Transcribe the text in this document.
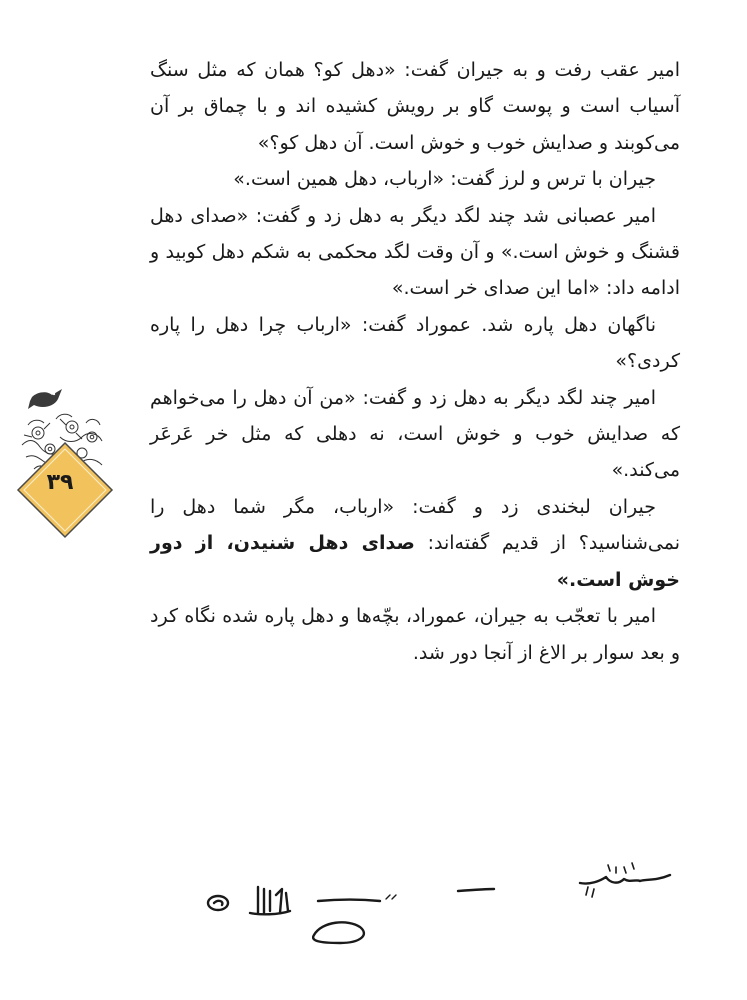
امیر عقب رفت و به جیران گفت: «دهل کو؟ همان که مثل سنگ آسیاب است و پوست گاو بر رویش کشیده اند و با چماق بر آن می‌کوبند و صدایش خوب و خوش است. آن دهل کو؟»

جیران با ترس و لرز گفت: «ارباب، دهل همین است.»

امیر عصبانی شد چند لگد دیگر به دهل زد و گفت: «صدای دهل قشنگ و خوش است.» و آن وقت لگد محکمی به شکم دهل کوبید و ادامه داد: «اما این صدای خر است.»

ناگهان دهل پاره شد. عموراد گفت: «ارباب چرا دهل را پاره کردی؟»

امیر چند لگد دیگر به دهل زد و گفت: «من آن دهل را می‌خواهم که صدایش خوب و خوش است، نه دهلی که مثل خر عَرعَر می‌کند.»

جیران لبخندی زد و گفت: «ارباب، مگر شما دهل را نمی‌شناسید؟ از قدیم گفته‌اند: صدای دهل شنیدن، از دور خوش است.»

امیر با تعجّب به جیران، عموراد، بچّه‌ها و دهل پاره شده نگاه کرد و بعد سوار بر الاغ از آنجا دور شد.

۳۹
